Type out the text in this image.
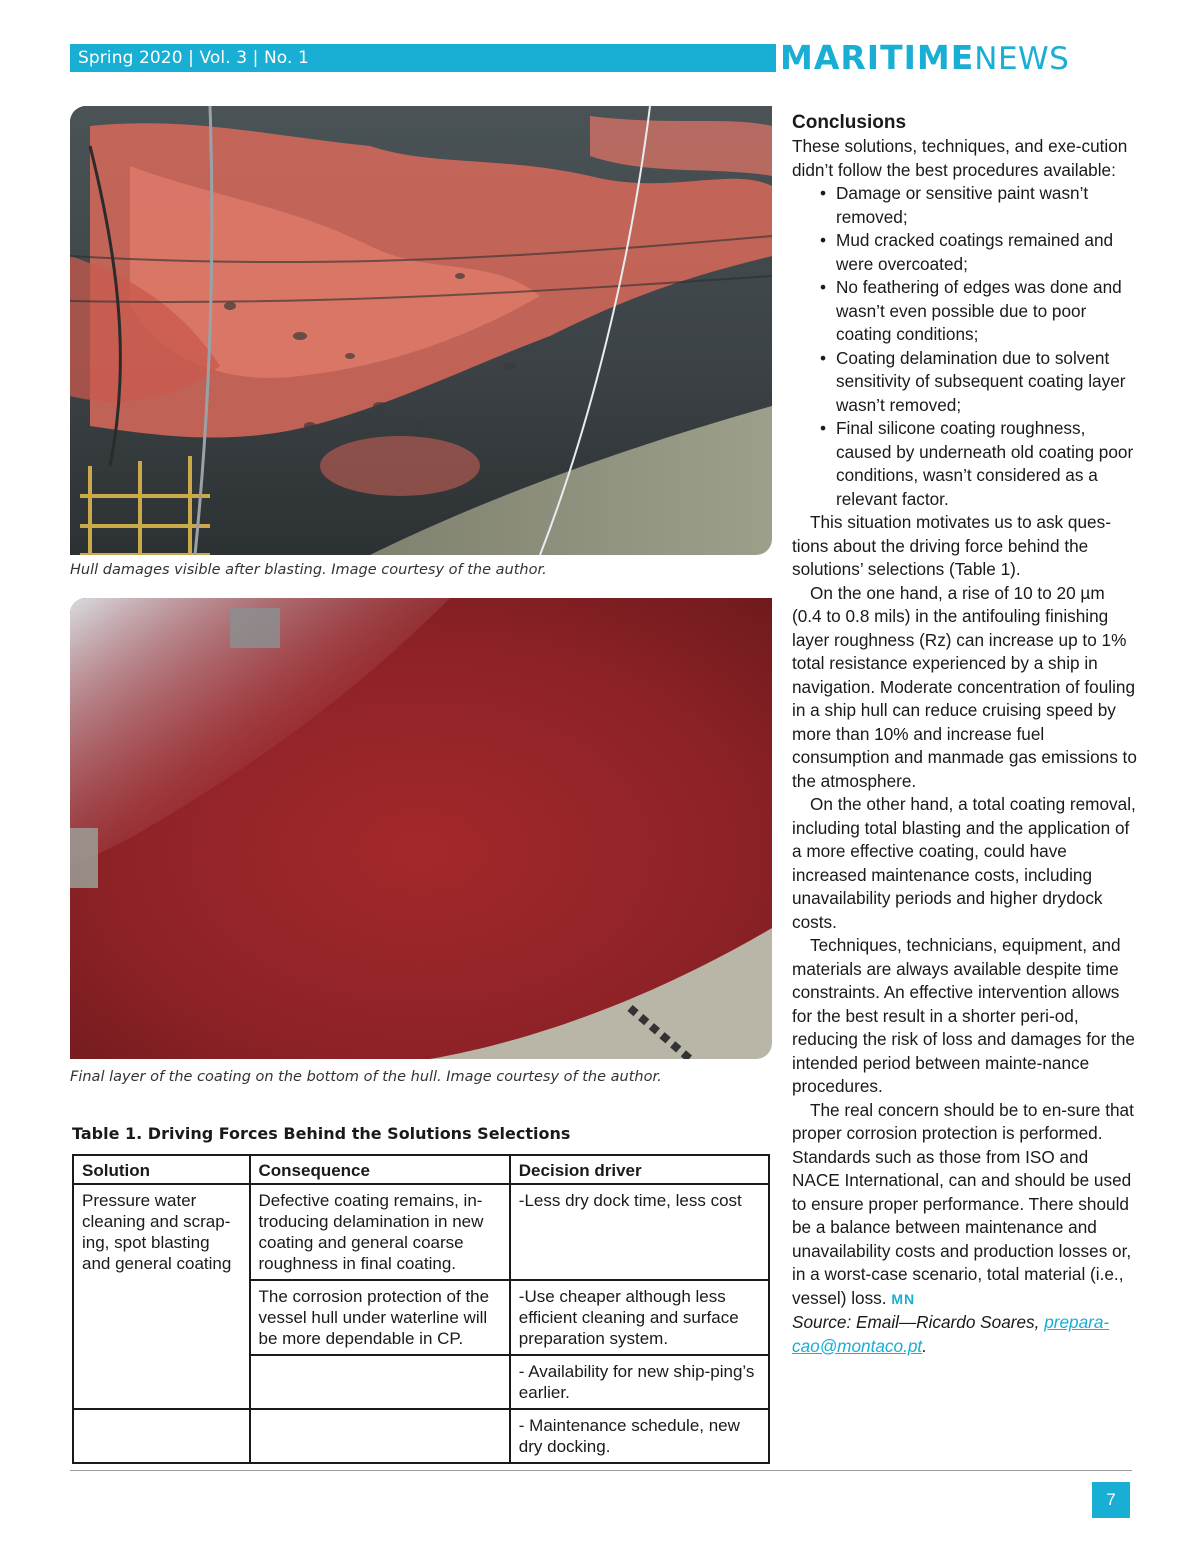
Spring 2020 | Vol. 3 | No. 1	MARITIMENEWS
Hull damages visible after blasting. Image courtesy of the author.
Final layer of the coating on the bottom of the hull. Image courtesy of the author.
Table 1. Driving Forces Behind the Solutions Selections
Solution	Consequence	Decision driver
Pressure water cleaning and scrap-ing, spot blasting and general coating	Defective coating remains, in-troducing delamination in new coating and general coarse roughness in final coating.	-Less dry dock time, less cost
	The corrosion protection of the vessel hull under waterline will be more dependable in CP.	-Use cheaper although less efficient cleaning and surface preparation system.
		- Availability for new ship-ping’s earlier.
		- Maintenance schedule, new dry docking.
Conclusions

These solutions, techniques, and exe-cution didn’t follow the best procedures available:

• Damage or sensitive paint wasn’t removed;
• Mud cracked coatings remained and were overcoated;
• No feathering of edges was done and wasn’t even possible due to poor coating conditions;
• Coating delamination due to solvent sensitivity of subsequent coating layer wasn’t removed;
• Final silicone coating roughness, caused by underneath old coating poor conditions, wasn’t considered as a relevant factor.

This situation motivates us to ask ques-tions about the driving force behind the solutions’ selections (Table 1).

On the one hand, a rise of 10 to 20 µm (0.4 to 0.8 mils) in the antifouling finishing layer roughness (Rz) can increase up to 1% total resistance experienced by a ship in navigation. Moderate concentration of fouling in a ship hull can reduce cruising speed by more than 10% and increase fuel consumption and manmade gas emissions to the atmosphere.

On the other hand, a total coating removal, including total blasting and the application of a more effective coating, could have increased maintenance costs, including unavailability periods and higher drydock costs.

Techniques, technicians, equipment, and materials are always available despite time constraints. An effective intervention allows for the best result in a shorter peri-od, reducing the risk of loss and damages for the intended period between mainte-nance procedures.

The real concern should be to en-sure that proper corrosion protection is performed. Standards such as those from ISO and NACE International, can and should be used to ensure proper performance. There should be a balance between maintenance and unavailability costs and production losses or, in a worst-case scenario, total material (i.e., vessel) loss. MN

Source: Email—Ricardo Soares, prepara-cao@montaco.pt.

7
